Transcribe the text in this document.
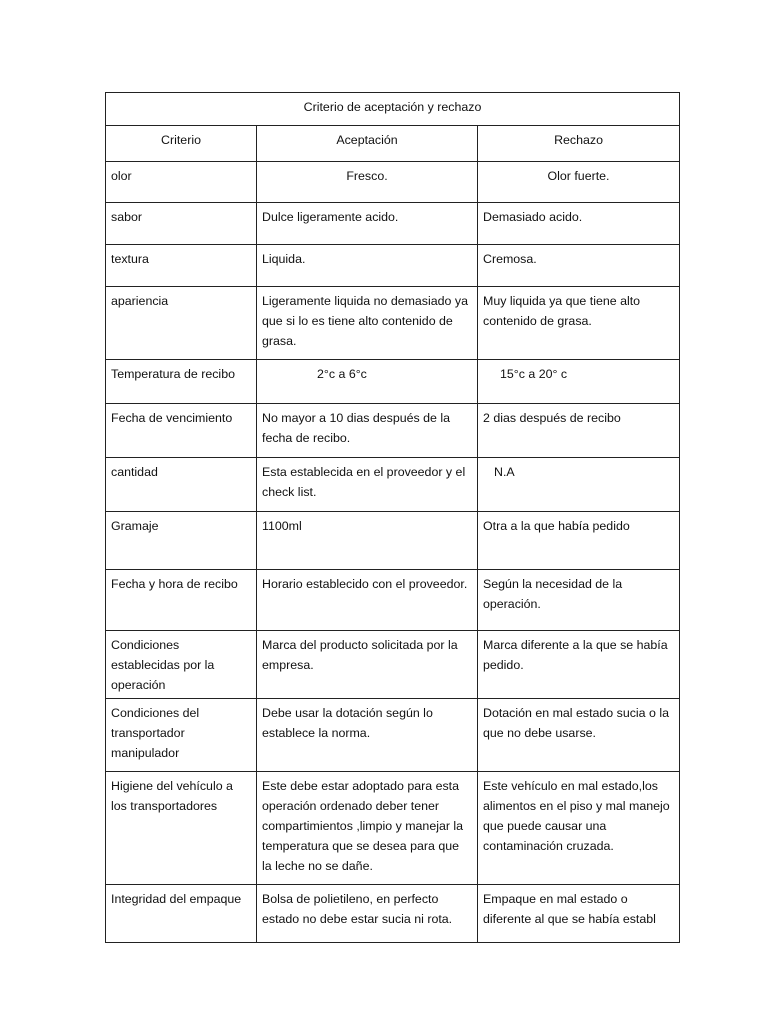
Criterio de aceptación y rechazo		
Criterio	Aceptación	Rechazo
olor	Fresco.	Olor fuerte.
sabor	Dulce ligeramente acido.	Demasiado acido.
textura	Liquida.	Cremosa.
apariencia	Ligeramente liquida no demasiado ya que si lo es tiene alto contenido de grasa.	Muy liquida ya que tiene alto contenido de grasa.
Temperatura de recibo	2°c a 6°c	15°c a 20° c
Fecha de vencimiento	No mayor a 10 dias después de la fecha de recibo.	2 dias después de recibo
cantidad	Esta establecida en el proveedor y el check list.	N.A
Gramaje	1100ml	Otra a la que había pedido
Fecha y hora de recibo	Horario establecido con el proveedor.	Según la necesidad de la operación.
Condiciones establecidas por la operación	Marca del producto solicitada por la empresa.	Marca diferente a la que se había pedido.
Condiciones del transportador manipulador	Debe usar la dotación según lo establece la norma.	Dotación en mal estado sucia o la que no debe usarse.
Higiene del vehículo a los transportadores	Este debe estar adoptado para esta operación ordenado deber tener compartimientos ,limpio y manejar la temperatura que se desea para que la leche no se dañe.	Este vehículo en mal estado,los alimentos en el piso y mal manejo que puede causar una contaminación cruzada.
Integridad del empaque	Bolsa de polietileno, en perfecto estado no debe estar sucia ni rota.	Empaque en mal estado o diferente al que se había establ
